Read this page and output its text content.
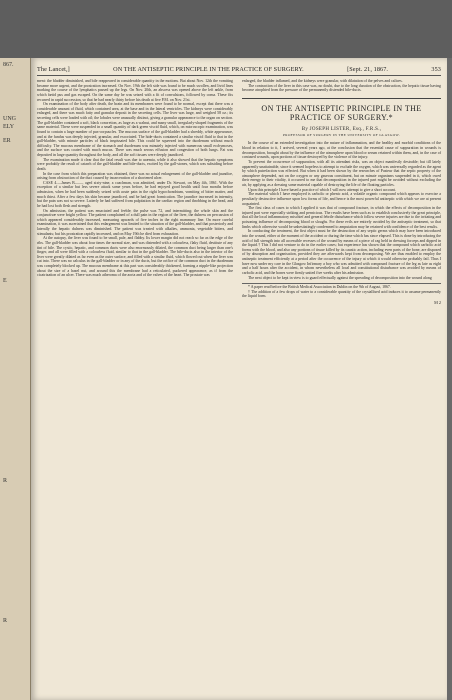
867.
UNG
ELY
ER
E
R
R
The Lancet,]	ON THE ANTISEPTIC PRINCIPLE IN THE PRACTICE OF SURGERY.	[Sept. 21, 1867.	353

ment: the bladder diminished, and bile reappeared in considerable quantity in the motions. But about Nov. 12th the vomiting became more urgent, and the prostration increased. On Nov. 19th the left side was found to be much swollen, and livid lines marking the course of the lymphatics passed up the legs. On Nov. 20th, an abscess was opened above the left ankle, from which fœtid pus and gas escaped. On the same day he was seized with a fit of convulsions, followed by coma. These fits recurred in rapid succession, so that he had nearly thirty before his death at five P.M. on Nov. 21st.

On examination of the body after death, the brain and its membranes were found to be normal, except that there was a considerable amount of fluid, which contained urea, at the base and in the lateral ventricles. The kidneys were considerably enlarged, and there was much fatty and granular deposit in the secreting cells. The liver was large, and weighed 58 oz.; its secreting cells were loaded with oil; the lobules were unusually distinct, giving a granular appearance to the organ on section. The gall-bladder contained a soft, black concretion, as large as a walnut, and many small, irregularly-shaped fragments of the same material. These were suspended in a small quantity of dark green viscid fluid, which, on microscopic examination, was found to contain a large number of pus-corpuscles. The mucous surface of the gall-bladder had a shreddy, white appearance, and at the fundus was deeply injected, granular, and excoriated. The hide-ducts contained a similar viscid fluid to that in the gall-bladder, with minute particles of black inspissated bile. This could be squeezed into the duodenum without much difficulty. The mucous membrane of the stomach and duodenum was minutely injected with numerous small ecchymoses, and the surface was coated with much mucus. There was much serous effusion and congestion of both lungs. Fat was deposited in large quantity throughout the body, and all the soft tissues were deeply jaundiced.

The examination made it clear that the fatal result was due to uræmia, while it also showed that the hepatic symptoms were probably the result of catarrh of the gall-bladder and bile-ducts, excited by the gall-stones, which was subsiding before death.

In the case from which this preparation was obtained, there was no actual enlargement of the gall-bladder and jaundice, arising from obstruction of the duct caused by incarceration of a shortened ulcer.

CASE 4.—James B——, aged sixty-nine, a coachman, was admitted, under Dr. Stewart, on May 4th, 1861. With the exception of a similar but less severe attack some years before, he had enjoyed good health until four months before admission, when he had been suddenly seized with acute pain in the right hypochondrium, vomiting of bitter matter, and much thirst. After a few days his skin became jaundiced, and he had great formication. The jaundice increased in intensity, but the pain was not so severe. Latterly he had suffered from palpitation in the cardiac region and throbbing in the head, and he had lost both flesh and strength.

On admission, the patient was emaciated and feeble; the pulse was 72, and intermitting; the whole skin and the conjunctivæ were bright yellow. The patient complained of a dull pain in the region of the liver, the dulness on percussion of which appeared considerably increased, measuring upwards of five inches in the right mammary line. On more careful examination, it was ascertained that this enlargement was limited to the situation of the gall-bladder, and that posteriorly and laterally the hepatic dulness was diminished. The patient was treated with alkalies, ammonia, vegetable bitters, and stimulants; but his prostration rapidly increased, and on May 19th he died from exhaustion.

At the autopsy, the liver was found to be small, pale, and flabby. Its lower margin did not reach so far as the edge of the ribs. The gall-bladder was about four times the normal size, and was distended with a colourless, flaky fluid, destitute of any tint of bile. The cystic, hepatic, and common ducts were also enormously dilated, the common duct being larger than one's finger, and all were filled with a colourless fluid, similar to that in the gall-bladder. The bile-ducts also in the interior of the liver were greatly dilated as far even as the outer surface, and filled with a similar fluid, which flowed out when the liver was cut into. There was no calculus in the gall-bladder or in any of the ducts, but the orifice of the common duct in the duodenum was completely blocked up. The mucous membrane at this part was considerably thickened, forming a nipple-like projection about the size of a hazel nut, and around this the membrane had a reticulated, puckered appearance, as if from the cicatrization of an ulcer. There was much atheroma of the aorta and of the valves of the heart. The prostate was

enlarged, the bladder inflamed, and the kidneys were granular, with dilatation of the pelves and calices.

The contraction of the liver in this case was, no doubt, due to the long duration of the obstruction, the hepatic tissue having become atrophied from the pressure of the permanently distended bile-ducts.

ON THE ANTISEPTIC PRINCIPLE IN THE
PRACTICE OF SURGERY.*
By JOSEPH LISTER, Esq., F.R.S.,
PROFESSOR OF SURGERY IN THE UNIVERSITY OF GLASGOW.

In the course of an extended investigation into the nature of inflammation, and the healthy and morbid conditions of the blood in relation to it, I arrived, several years ago, at the conclusion that the essential cause of suppuration in wounds is decomposition, brought about by the influence of the atmosphere upon blood or serum retained within them, and, in the case of contused wounds, upon portions of tissue destroyed by the violence of the injury.

To prevent the occurrence of suppuration, with all its attendant risks, was an object manifestly desirable; but till lately apparently unattainable, since it seemed hopeless to attempt to exclude the oxygen, which was universally regarded as the agent by which putrefaction was effected. But when it had been shown by the researches of Pasteur that the septic property of the atmosphere depended, not on the oxygen or any gaseous constituent, but on minute organisms suspended in it, which owed their energy to their vitality, it occurred to me that decomposition in the injured part might be avoided without excluding the air, by applying as a dressing some material capable of destroying the life of the floating particles.

Upon this principle I have based a practice of which I will now attempt to give a short account.

The material which I have employed is carbolic or phenic acid, a volatile organic compound which appears to exercise a peculiarly destructive influence upon low forms of life, and hence is the most powerful antiseptic with which we are at present acquainted.

The first class of cases to which I applied it was that of compound fracture, in which the effects of decomposition in the injured part were especially striking and pernicious. The results have been such as to establish conclusively the great principle, that all the local inflammatory mischief and general febrile disturbance which follow severe injuries are due to the irritating and poisoning influence of decomposing blood or sloughs. For these evils are entirely avoided by the antiseptic treatment, so that limbs which otherwise would be unhesitatingly condemned to amputation may be retained with confidence of the best results.

In conducting the treatment, the first object must be the destruction of any septic germs which may have been introduced into the wound, either at the moment of the accident or during the time which has since elapsed. This is done by introducing the acid of full strength into all accessible recesses of the wound by means of a piece of rag held in dressing forceps and dipped in the liquid.† This I did not venture to do in the earlier cases; but experience has shown that the compound which carbolic acid forms with the blood, and also any portions of tissue killed by its caustic action, including even parts of the bone, are disposed of by absorption and organisation, provided they are afterwards kept from decomposing. We are thus enabled to employ the antiseptic treatment efficiently at a period after the occurrence of the injury at which it would otherwise probably fail. Thus I have now under my care in the Glasgow Infirmary a boy who was admitted with compound fracture of the leg as late as eight and a half hours after the accident, in whom nevertheless all local and constitutional disturbance was avoided by means of carbolic acid, and the bones were firmly united five weeks after his admission.

The next object to be kept in view is to guard effectually against the spreading of decomposition into the wound along

* A paper read before the British Medical Association in Dublin on the 9th of August, 1867.

† The addition of a few drops of water to a considerable quantity of the crystallised acid induces it to assume permanently the liquid form.

M 2
